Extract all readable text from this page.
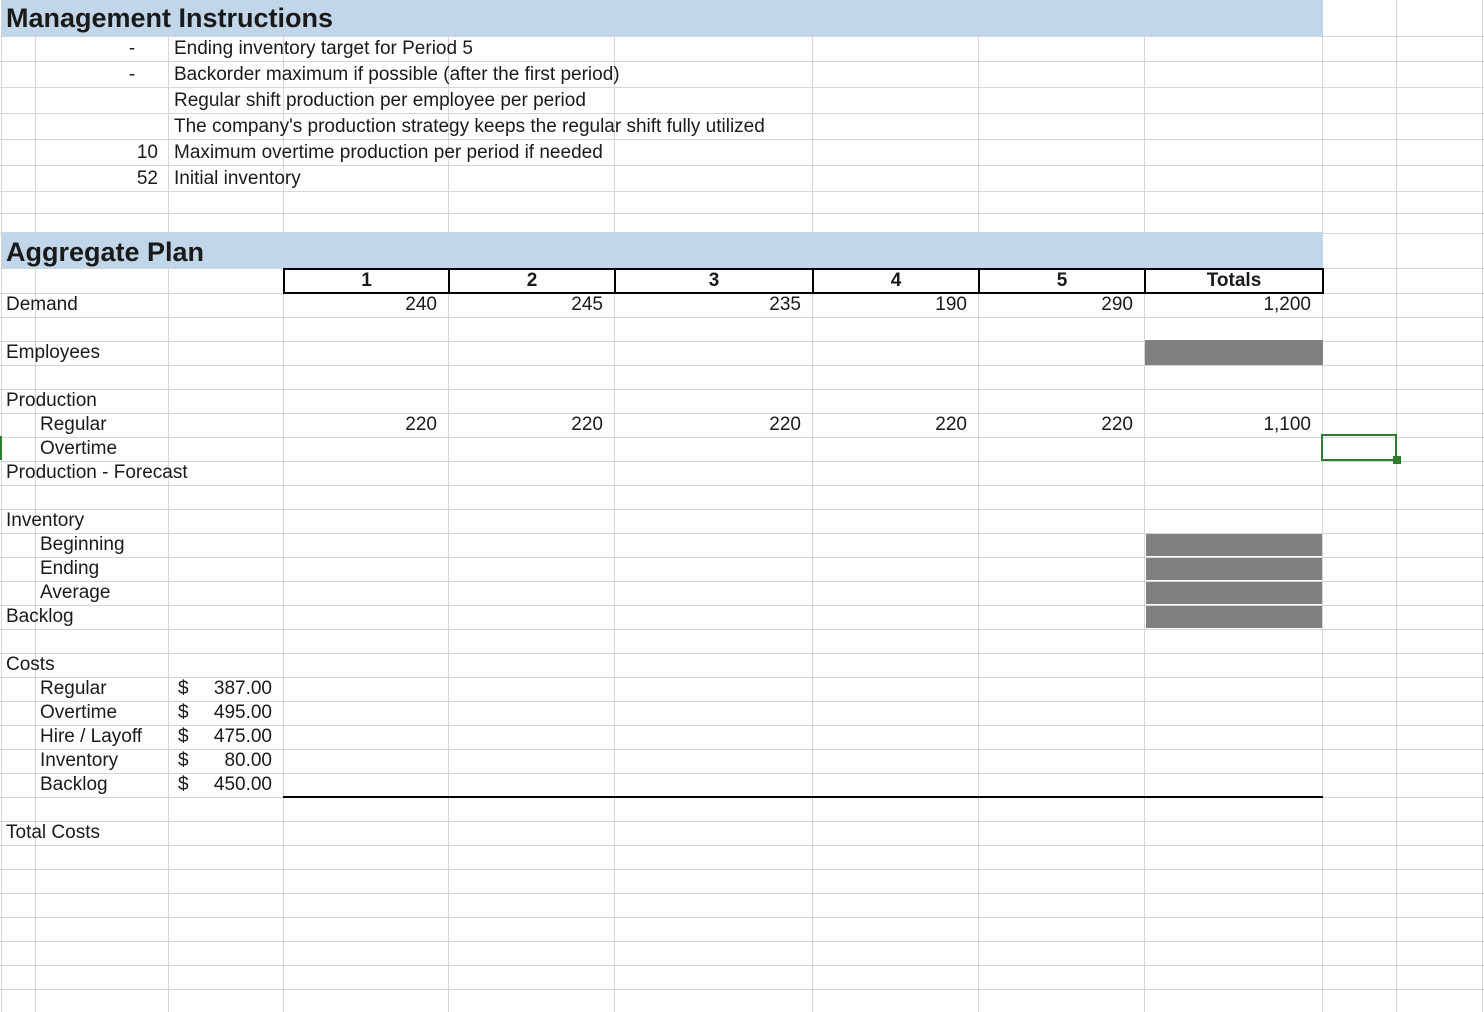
Management Instructions
-	Ending inventory target for Period 5
-	Backorder maximum if possible (after the first period)
Regular shift production per employee per period
The company's production strategy keeps the regular shift fully utilized
10 Maximum overtime production per period if needed
52 Initial inventory
Aggregate Plan
1	2	3	4	5	Totals
Demand	240	245	235	190	290	1,200
Employees
Production
Regular	220	220	220	220	220	1,100
Overtime
Production - Forecast
Inventory
Beginning
Ending
Average
Backlog
Costs
Regular	$ 387.00
Overtime	$ 495.00
Hire / Layoff $ 475.00
Inventory	$ 80.00
Backlog	$ 450.00
Total Costs
